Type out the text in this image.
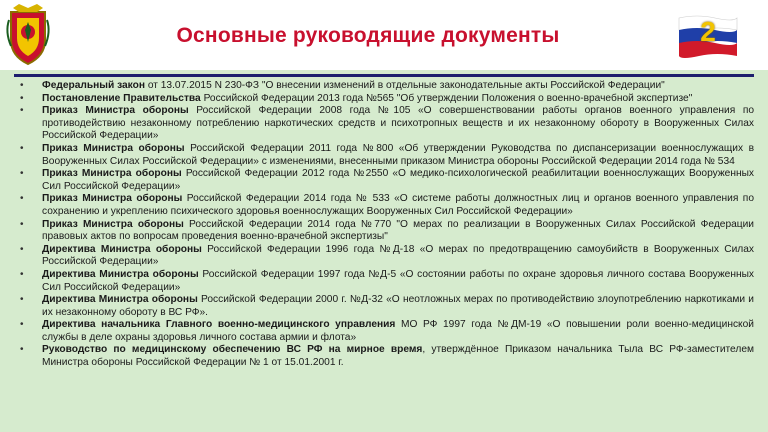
Основные руководящие документы	2
• Федеральный закон от 13.07.2015 N 230-ФЗ "О внесении изменений в отдельные законодательные акты Российской Федерации"
• Постановление Правительства Российской Федерации 2013 года №565 "Об утверждении Положения о военно-врачебной экспертизе"
• Приказ Министра обороны Российской Федерации 2008 года №105 «О совершенствовании работы органов военного управления по противодействию незаконному потреблению наркотических средств и психотропных веществ и их незаконному обороту в Вооруженных Силах Российской Федерации»
• Приказ Министра обороны Российской Федерации 2011 года №800 «Об утверждении Руководства по диспансеризации военнослужащих в Вооруженных Силах Российской Федерации» с изменениями, внесенными приказом Министра обороны Российской Федерации 2014 года № 534
• Приказ Министра обороны Российской Федерации 2012 года №2550 «О медико-психологической реабилитации военнослужащих Вооруженных Сил Российской Федерации»
• Приказ Министра обороны Российской Федерации 2014 года № 533 «О системе работы должностных лиц и органов военного управления по сохранению и укреплению психического здоровья военнослужащих Вооруженных Сил Российской Федерации»
• Приказ Министра обороны Российской Федерации 2014 года №770 "О мерах по реализации в Вооруженных Силах Российской Федерации правовых актов по вопросам проведения военно-врачебной экспертизы"
• Директива Министра обороны Российской Федерации 1996 года №Д-18 «О мерах по предотвращению самоубийств в Вооруженных Силах Российской Федерации»
• Директива Министра обороны Российской Федерации 1997 года №Д-5 «О состоянии работы по охране здоровья личного состава Вооруженных Сил Российской Федерации»
• Директива Министра обороны Российской Федерации 2000 г. №Д-32 «О неотложных мерах по противодействию злоупотреблению наркотиками и их незаконному обороту в ВС РФ».
• Директива начальника Главного военно-медицинского управления МО РФ 1997 года №ДМ-19 «О повышении роли военно-медицинской службы в деле охраны здоровья личного состава армии и флота»
• Руководство по медицинскому обеспечению ВС РФ на мирное время, утверждённое Приказом начальника Тыла ВС РФ-заместителем Министра обороны Российской Федерации № 1 от 15.01.2001 г.
